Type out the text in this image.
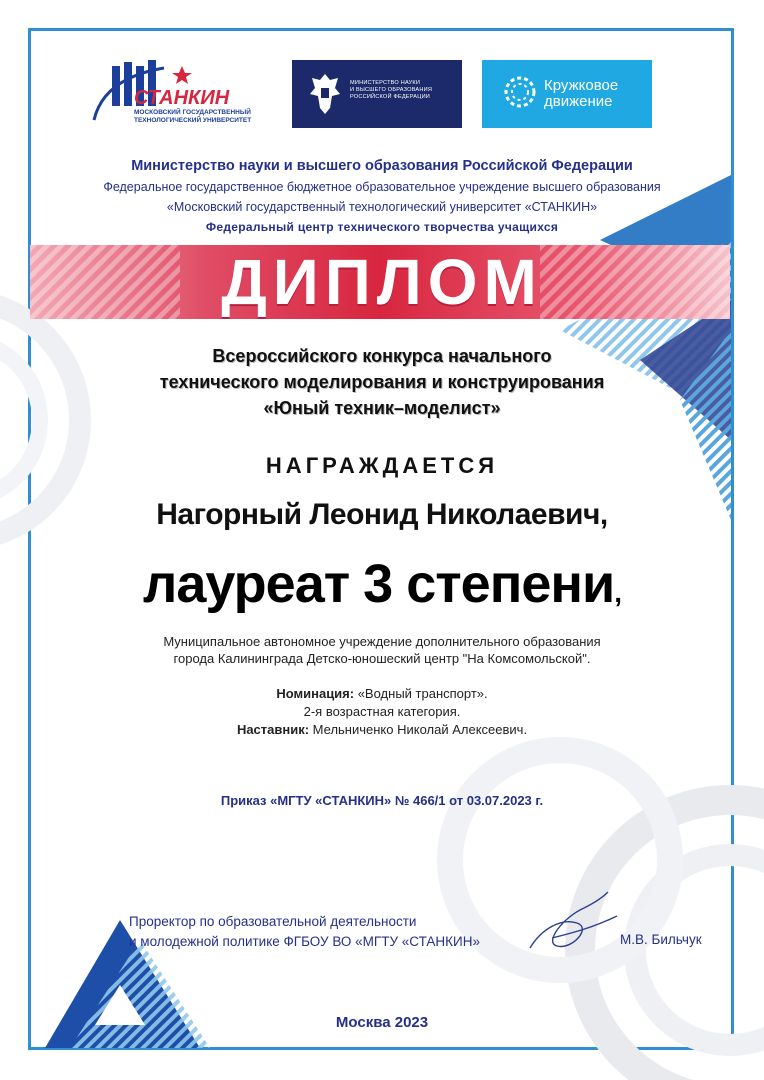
СТАНКИН
МОСКОВСКИЙ ГОСУДАРСТВЕННЫЙ
ТЕХНОЛОГИЧЕСКИЙ УНИВЕРСИТЕТ
МИНИСТЕРСТВО НАУКИ
И ВЫСШЕГО ОБРАЗОВАНИЯ
РОССИЙСКОЙ ФЕДЕРАЦИИ
Кружковое
движение
Министерство науки и высшего образования Российской Федерации
Федеральное государственное бюджетное образовательное учреждение высшего образования
«Московский государственный технологический университет «СТАНКИН»
Федеральный центр технического творчества учащихся
ДИПЛОМ
Всероссийского конкурса начального
технического моделирования и конструирования
«Юный техник–моделист»
НАГРАЖДАЕТСЯ
Нагорный Леонид Николаевич,
лауреат 3 степени,
Муниципальное автономное учреждение дополнительного образования
города Калининграда Детско-юношеский центр "На Комсомольской".
Номинация: «Водный транспорт».
2-я возрастная категория.
Наставник: Мельниченко Николай Алексеевич.
Приказ «МГТУ «СТАНКИН» № 466/1 от 03.07.2023 г.
Проректор по образовательной деятельности
и молодежной политике ФГБОУ ВО «МГТУ «СТАНКИН»	М.В. Бильчук
Москва 2023
